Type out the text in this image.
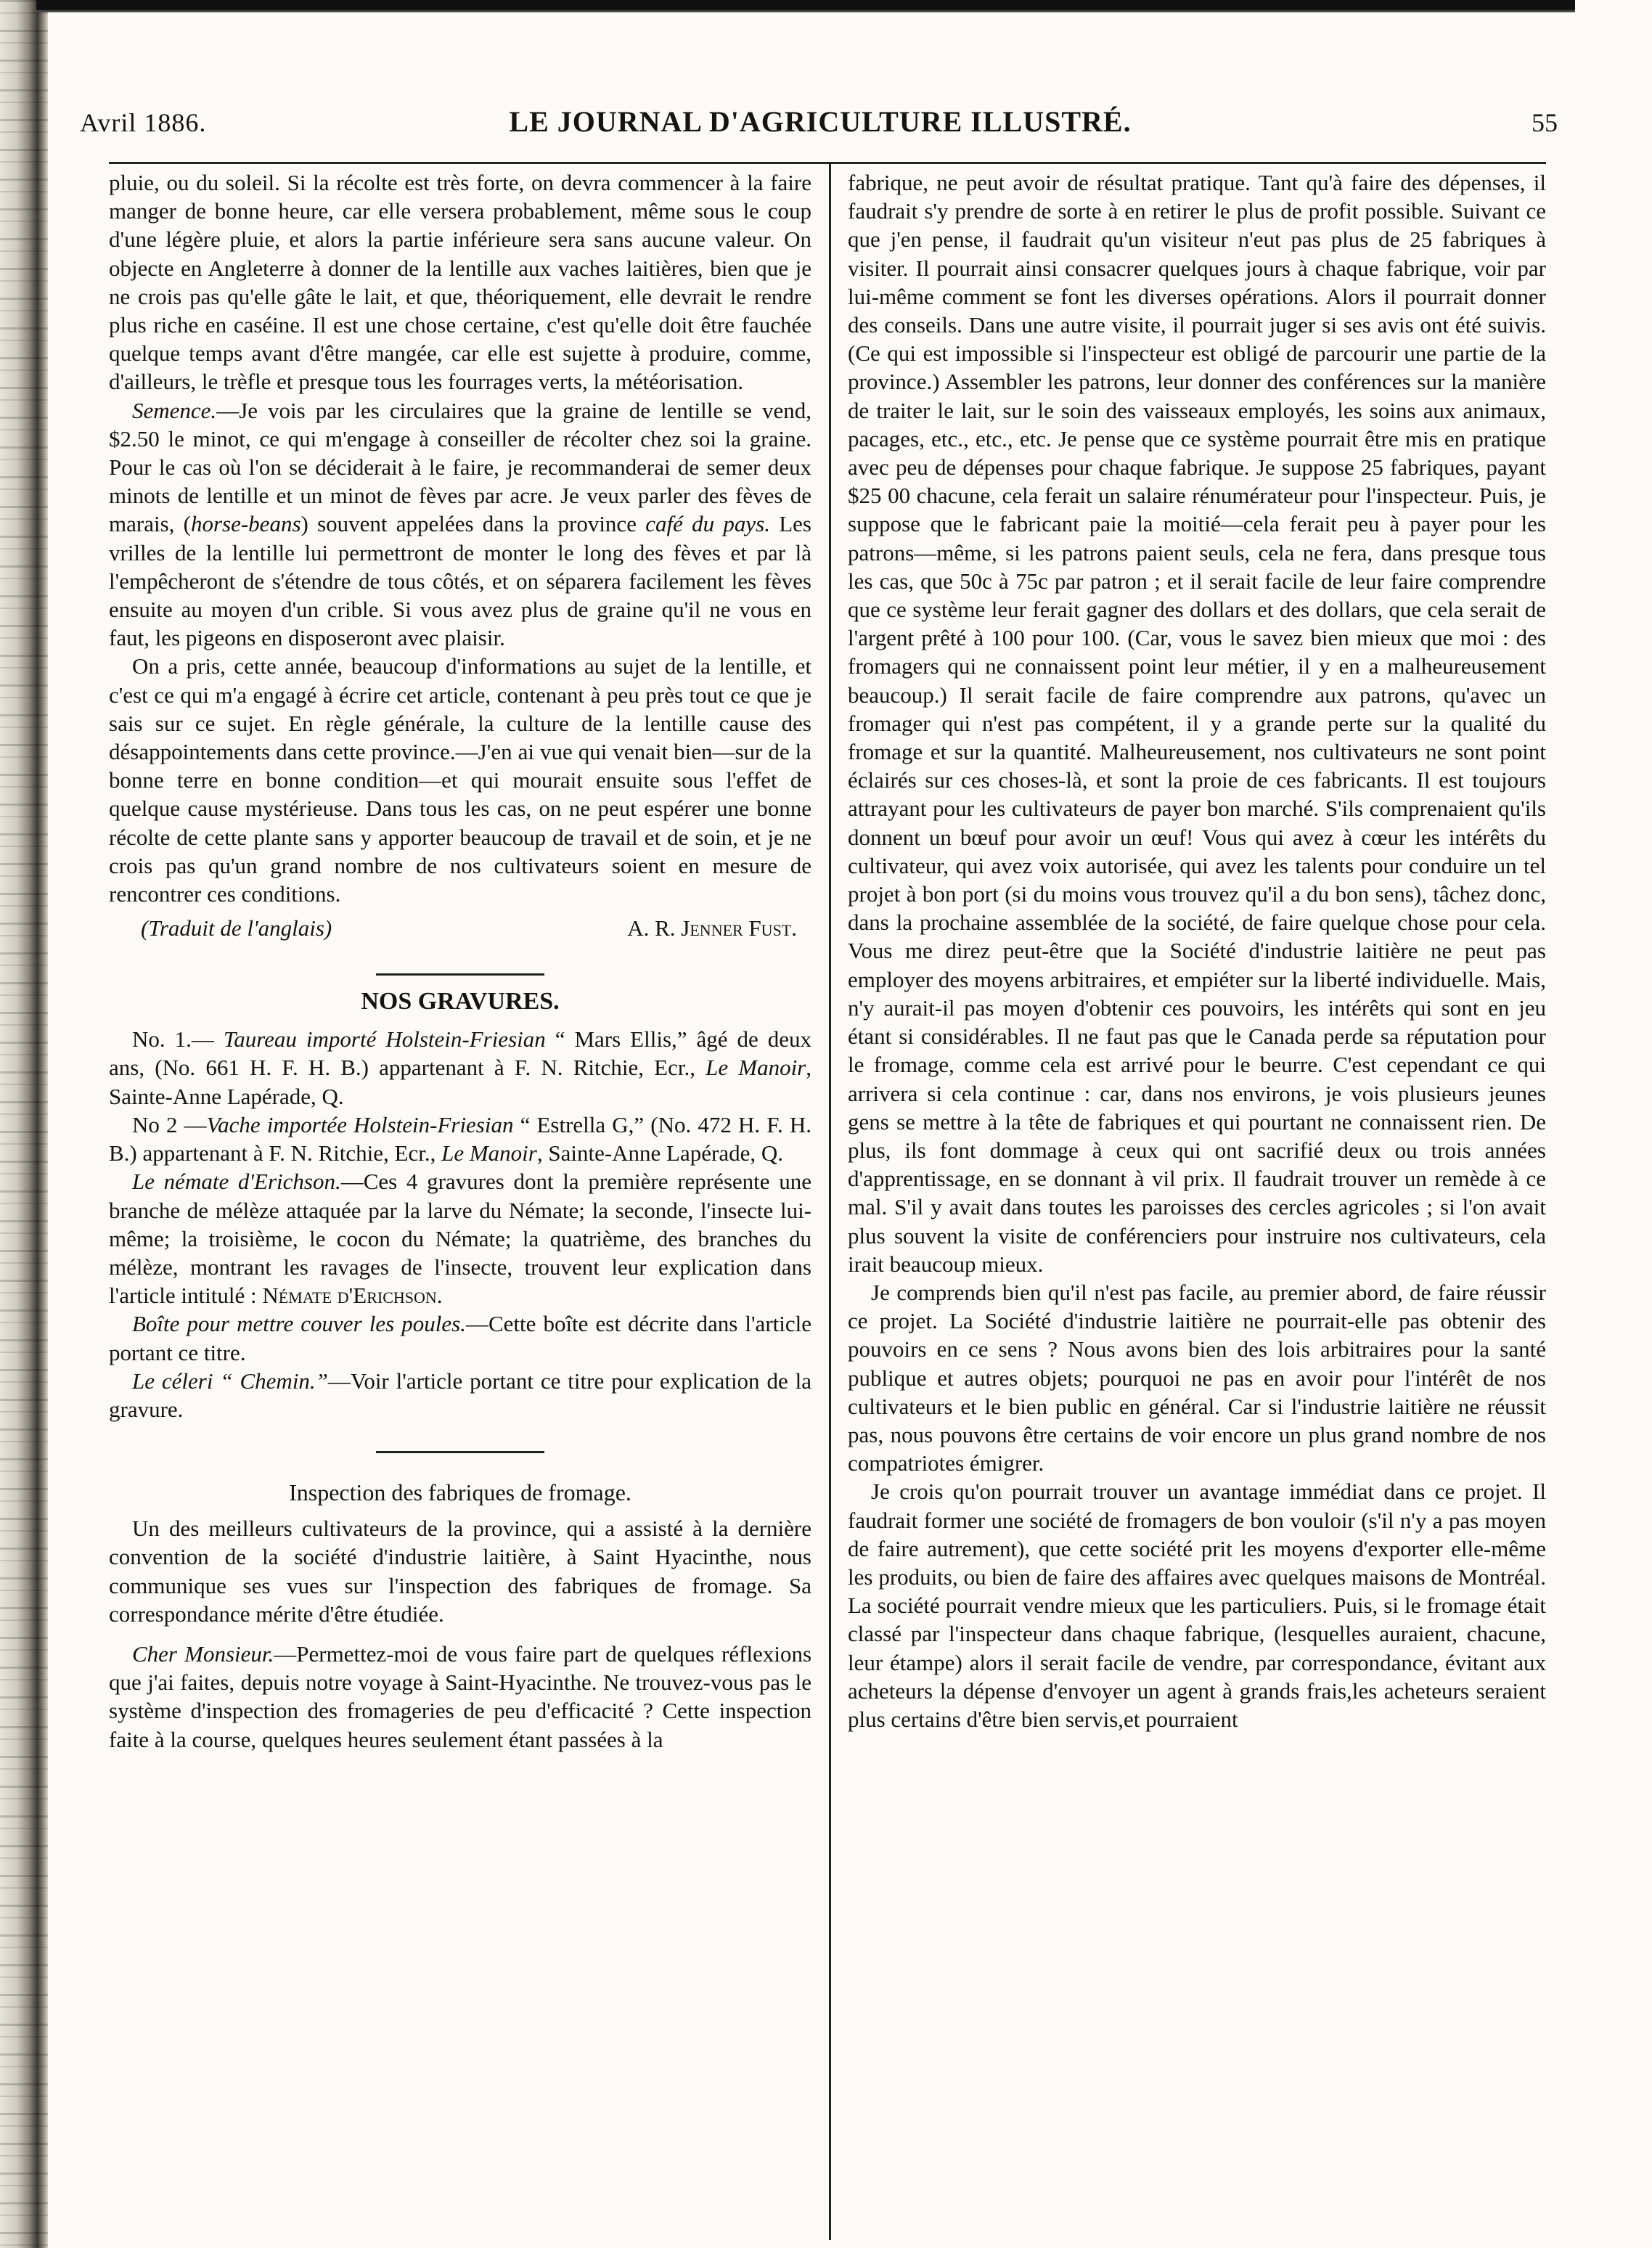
Avril 1886.	LE JOURNAL D'AGRICULTURE ILLUSTRÉ.	55

pluie, ou du soleil. Si la récolte est très forte, on devra commencer à la faire manger de bonne heure, car elle versera probablement, même sous le coup d'une légère pluie, et alors la partie inférieure sera sans aucune valeur. On objecte en Angleterre à donner de la lentille aux vaches laitières, bien que je ne crois pas qu'elle gâte le lait, et que, théoriquement, elle devrait le rendre plus riche en caséine. Il est une chose certaine, c'est qu'elle doit être fauchée quelque temps avant d'être mangée, car elle est sujette à produire, comme, d'ailleurs, le trèfle et presque tous les fourrages verts, la météorisation.

Semence.—Je vois par les circulaires que la graine de lentille se vend, $2.50 le minot, ce qui m'engage à conseiller de récolter chez soi la graine. Pour le cas où l'on se déciderait à le faire, je recommanderai de semer deux minots de lentille et un minot de fèves par acre. Je veux parler des fèves de marais, (horse-beans) souvent appelées dans la province café du pays. Les vrilles de la lentille lui permettront de monter le long des fèves et par là l'empêcheront de s'étendre de tous côtés, et on séparera facilement les fèves ensuite au moyen d'un crible. Si vous avez plus de graine qu'il ne vous en faut, les pigeons en disposeront avec plaisir.

On a pris, cette année, beaucoup d'informations au sujet de la lentille, et c'est ce qui m'a engagé à écrire cet article, contenant à peu près tout ce que je sais sur ce sujet. En règle générale, la culture de la lentille cause des désappointements dans cette province.—J'en ai vue qui venait bien—sur de la bonne terre en bonne condition—et qui mourait ensuite sous l'effet de quelque cause mystérieuse. Dans tous les cas, on ne peut espérer une bonne récolte de cette plante sans y apporter beaucoup de travail et de soin, et je ne crois pas qu'un grand nombre de nos cultivateurs soient en mesure de rencontrer ces conditions.

(Traduit de l'anglais)	A. R. Jenner Fust.

NOS GRAVURES.

No. 1.— Taureau importé Holstein-Friesian “ Mars Ellis,” âgé de deux ans, (No. 661 H. F. H. B.) appartenant à F. N. Ritchie, Ecr., Le Manoir, Sainte-Anne Lapérade, Q.

No 2 —Vache importée Holstein-Friesian “ Estrella G,” (No. 472 H. F. H. B.) appartenant à F. N. Ritchie, Ecr., Le Manoir, Sainte-Anne Lapérade, Q.

Le némate d'Erichson.—Ces 4 gravures dont la première représente une branche de mélèze attaquée par la larve du Némate; la seconde, l'insecte lui-même; la troisième, le cocon du Némate; la quatrième, des branches du mélèze, montrant les ravages de l'insecte, trouvent leur explication dans l'article intitulé : Némate d'Erichson.

Boîte pour mettre couver les poules.—Cette boîte est décrite dans l'article portant ce titre.

Le céleri “ Chemin.”—Voir l'article portant ce titre pour explication de la gravure.

Inspection des fabriques de fromage.

Un des meilleurs cultivateurs de la province, qui a assisté à la dernière convention de la société d'industrie laitière, à Saint Hyacinthe, nous communique ses vues sur l'inspection des fabriques de fromage. Sa correspondance mérite d'être étudiée.

Cher Monsieur.—Permettez-moi de vous faire part de quelques réflexions que j'ai faites, depuis notre voyage à Saint-Hyacinthe. Ne trouvez-vous pas le système d'inspection des fromageries de peu d'efficacité ? Cette inspection faite à la course, quelques heures seulement étant passées à la

fabrique, ne peut avoir de résultat pratique. Tant qu'à faire des dépenses, il faudrait s'y prendre de sorte à en retirer le plus de profit possible. Suivant ce que j'en pense, il faudrait qu'un visiteur n'eut pas plus de 25 fabriques à visiter. Il pourrait ainsi consacrer quelques jours à chaque fabrique, voir par lui-même comment se font les diverses opérations. Alors il pourrait donner des conseils. Dans une autre visite, il pourrait juger si ses avis ont été suivis. (Ce qui est impossible si l'inspecteur est obligé de parcourir une partie de la province.) Assembler les patrons, leur donner des conférences sur la manière de traiter le lait, sur le soin des vaisseaux employés, les soins aux animaux, pacages, etc., etc., etc. Je pense que ce système pourrait être mis en pratique avec peu de dépenses pour chaque fabrique. Je suppose 25 fabriques, payant $25 00 chacune, cela ferait un salaire rénumérateur pour l'inspecteur. Puis, je suppose que le fabricant paie la moitié—cela ferait peu à payer pour les patrons—même, si les patrons paient seuls, cela ne fera, dans presque tous les cas, que 50c à 75c par patron ; et il serait facile de leur faire comprendre que ce système leur ferait gagner des dollars et des dollars, que cela serait de l'argent prêté à 100 pour 100. (Car, vous le savez bien mieux que moi : des fromagers qui ne connaissent point leur métier, il y en a malheureusement beaucoup.) Il serait facile de faire comprendre aux patrons, qu'avec un fromager qui n'est pas compétent, il y a grande perte sur la qualité du fromage et sur la quantité. Malheureusement, nos cultivateurs ne sont point éclairés sur ces choses-là, et sont la proie de ces fabricants. Il est toujours attrayant pour les cultivateurs de payer bon marché. S'ils comprenaient qu'ils donnent un bœuf pour avoir un œuf! Vous qui avez à cœur les intérêts du cultivateur, qui avez voix autorisée, qui avez les talents pour conduire un tel projet à bon port (si du moins vous trouvez qu'il a du bon sens), tâchez donc, dans la prochaine assemblée de la société, de faire quelque chose pour cela. Vous me direz peut-être que la Société d'industrie laitière ne peut pas employer des moyens arbitraires, et empiéter sur la liberté individuelle. Mais, n'y aurait-il pas moyen d'obtenir ces pouvoirs, les intérêts qui sont en jeu étant si considérables. Il ne faut pas que le Canada perde sa réputation pour le fromage, comme cela est arrivé pour le beurre. C'est cependant ce qui arrivera si cela continue : car, dans nos environs, je vois plusieurs jeunes gens se mettre à la tête de fabriques et qui pourtant ne connaissent rien. De plus, ils font dommage à ceux qui ont sacrifié deux ou trois années d'apprentissage, en se donnant à vil prix. Il faudrait trouver un remède à ce mal. S'il y avait dans toutes les paroisses des cercles agricoles ; si l'on avait plus souvent la visite de conférenciers pour instruire nos cultivateurs, cela irait beaucoup mieux.

Je comprends bien qu'il n'est pas facile, au premier abord, de faire réussir ce projet. La Société d'industrie laitière ne pourrait-elle pas obtenir des pouvoirs en ce sens ? Nous avons bien des lois arbitraires pour la santé publique et autres objets; pourquoi ne pas en avoir pour l'intérêt de nos cultivateurs et le bien public en général. Car si l'industrie laitière ne réussit pas, nous pouvons être certains de voir encore un plus grand nombre de nos compatriotes émigrer.

Je crois qu'on pourrait trouver un avantage immédiat dans ce projet. Il faudrait former une société de fromagers de bon vouloir (s'il n'y a pas moyen de faire autrement), que cette société prit les moyens d'exporter elle-même les produits, ou bien de faire des affaires avec quelques maisons de Montréal. La société pourrait vendre mieux que les particuliers. Puis, si le fromage était classé par l'inspecteur dans chaque fabrique, (lesquelles auraient, chacune, leur étampe) alors il serait facile de vendre, par correspondance, évitant aux acheteurs la dépense d'envoyer un agent à grands frais,les acheteurs seraient plus certains d'être bien servis,et pourraient
